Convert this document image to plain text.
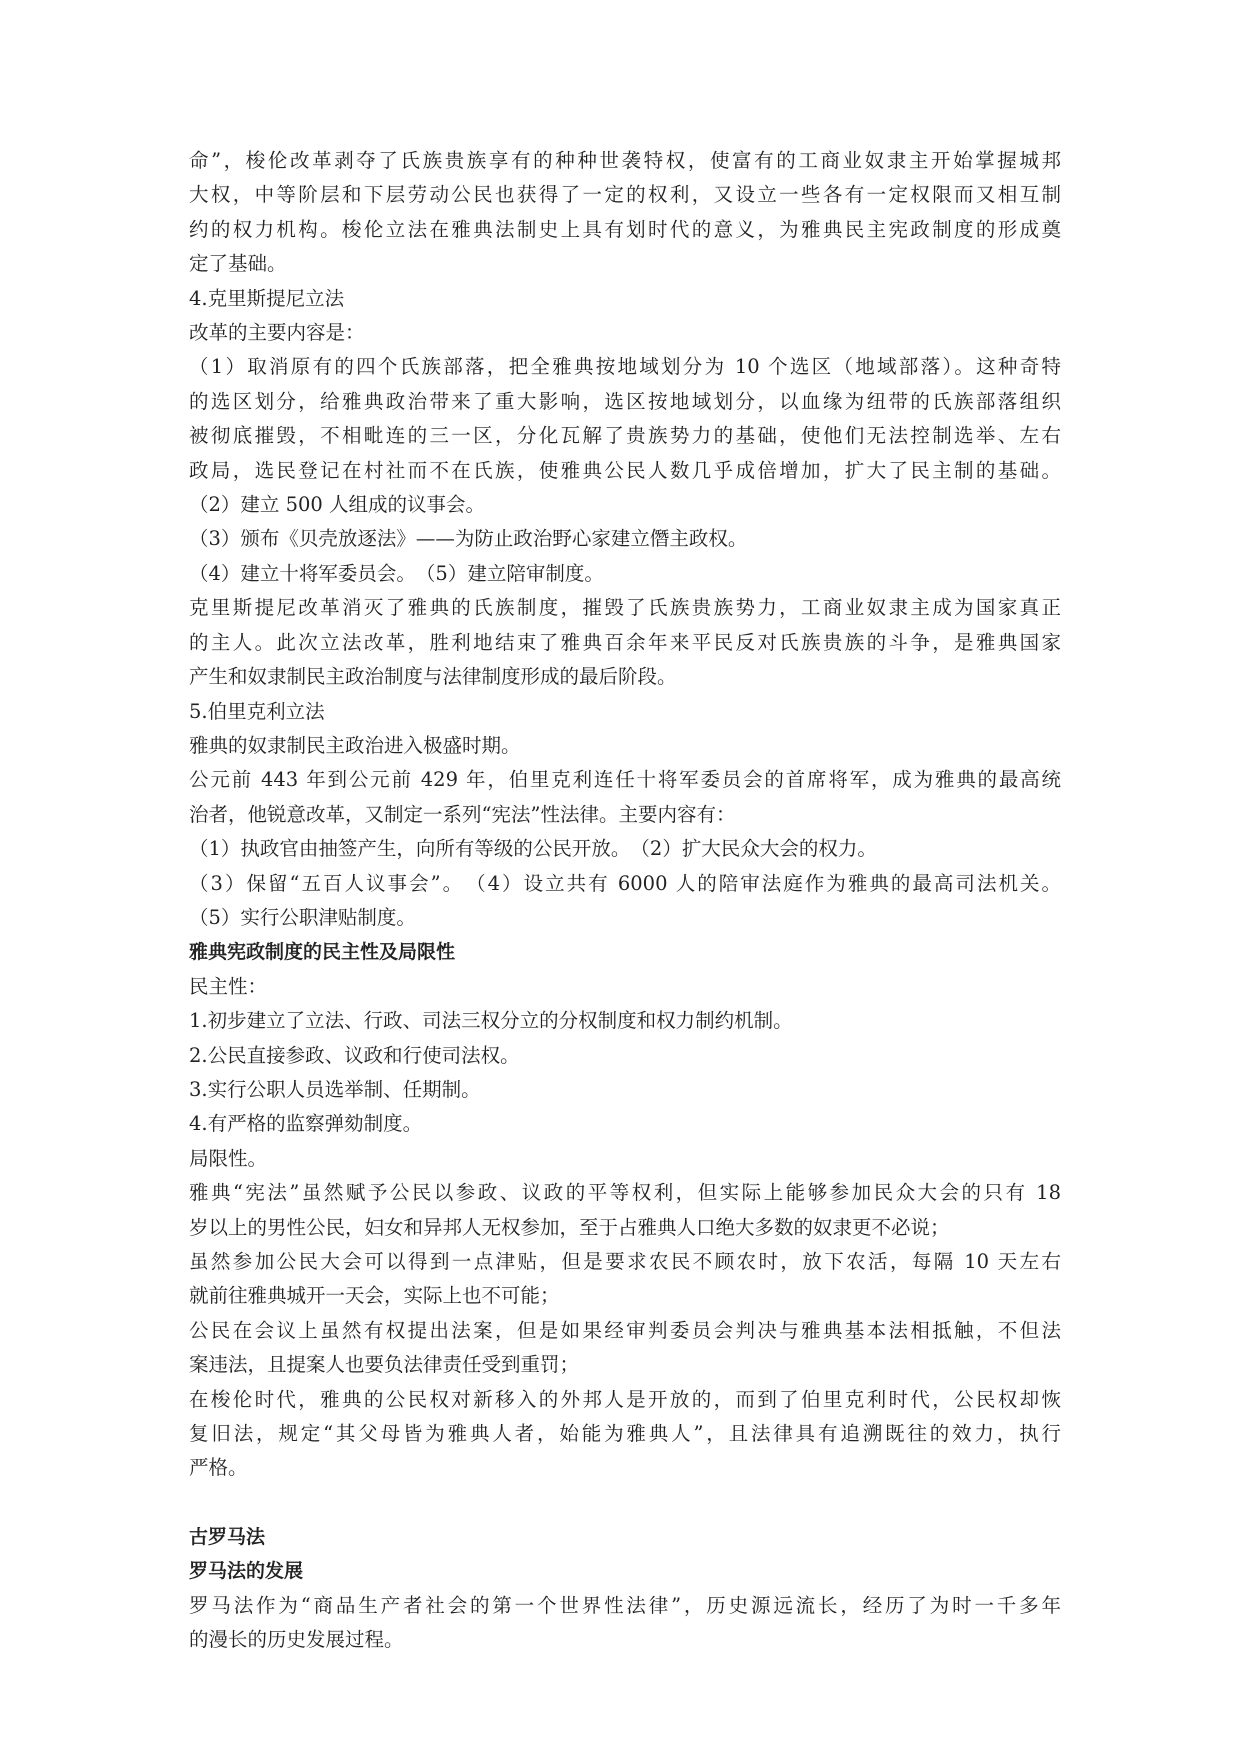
命”，梭伦改革剥夺了氏族贵族享有的种种世袭特权，使富有的工商业奴隶主开始掌握城邦
大权，中等阶层和下层劳动公民也获得了一定的权利，又设立一些各有一定权限而又相互制
约的权力机构。梭伦立法在雅典法制史上具有划时代的意义，为雅典民主宪政制度的形成奠
定了基础。
4.克里斯提尼立法
改革的主要内容是：
（1）取消原有的四个氏族部落，把全雅典按地域划分为 10 个选区（地域部落）。这种奇特
的选区划分，给雅典政治带来了重大影响，选区按地域划分，以血缘为纽带的氏族部落组织
被彻底摧毁，不相毗连的三一区，分化瓦解了贵族势力的基础，使他们无法控制选举、左右
政局，选民登记在村社而不在氏族，使雅典公民人数几乎成倍增加，扩大了民主制的基础。
（2）建立 500 人组成的议事会。
（3）颁布《贝壳放逐法》——为防止政治野心家建立僭主政权。
（4）建立十将军委员会。　（5）建立陪审制度。
克里斯提尼改革消灭了雅典的氏族制度，摧毁了氏族贵族势力，工商业奴隶主成为国家真正
的主人。此次立法改革，胜利地结束了雅典百余年来平民反对氏族贵族的斗争，是雅典国家
产生和奴隶制民主政治制度与法律制度形成的最后阶段。
5.伯里克利立法
雅典的奴隶制民主政治进入极盛时期。
公元前 443 年到公元前 429 年，伯里克利连任十将军委员会的首席将军，成为雅典的最高统
治者，他锐意改革，又制定一系列“宪法”性法律。主要内容有：
（1）执政官由抽签产生，向所有等级的公民开放。　（2）扩大民众大会的权力。
（3）保留“五百人议事会”。　（4）设立共有 6000 人的陪审法庭作为雅典的最高司法机关。
（5）实行公职津贴制度。
雅典宪政制度的民主性及局限性
民主性：
1.初步建立了立法、行政、司法三权分立的分权制度和权力制约机制。
2.公民直接参政、议政和行使司法权。
3.实行公职人员选举制、任期制。
4.有严格的监察弹劾制度。
局限性。
雅典“宪法”虽然赋予公民以参政、议政的平等权利，但实际上能够参加民众大会的只有 18
岁以上的男性公民，妇女和异邦人无权参加，至于占雅典人口绝大多数的奴隶更不必说；
虽然参加公民大会可以得到一点津贴，但是要求农民不顾农时，放下农活，每隔 10 天左右
就前往雅典城开一天会，实际上也不可能；
公民在会议上虽然有权提出法案，但是如果经审判委员会判决与雅典基本法相抵触，不但法
案违法，且提案人也要负法律责任受到重罚；
在梭伦时代，雅典的公民权对新移入的外邦人是开放的，而到了伯里克利时代，公民权却恢
复旧法，规定“其父母皆为雅典人者，始能为雅典人”，且法律具有追溯既往的效力，执行
严格。
古罗马法
罗马法的发展
罗马法作为“商品生产者社会的第一个世界性法律”，历史源远流长，经历了为时一千多年
的漫长的历史发展过程。
